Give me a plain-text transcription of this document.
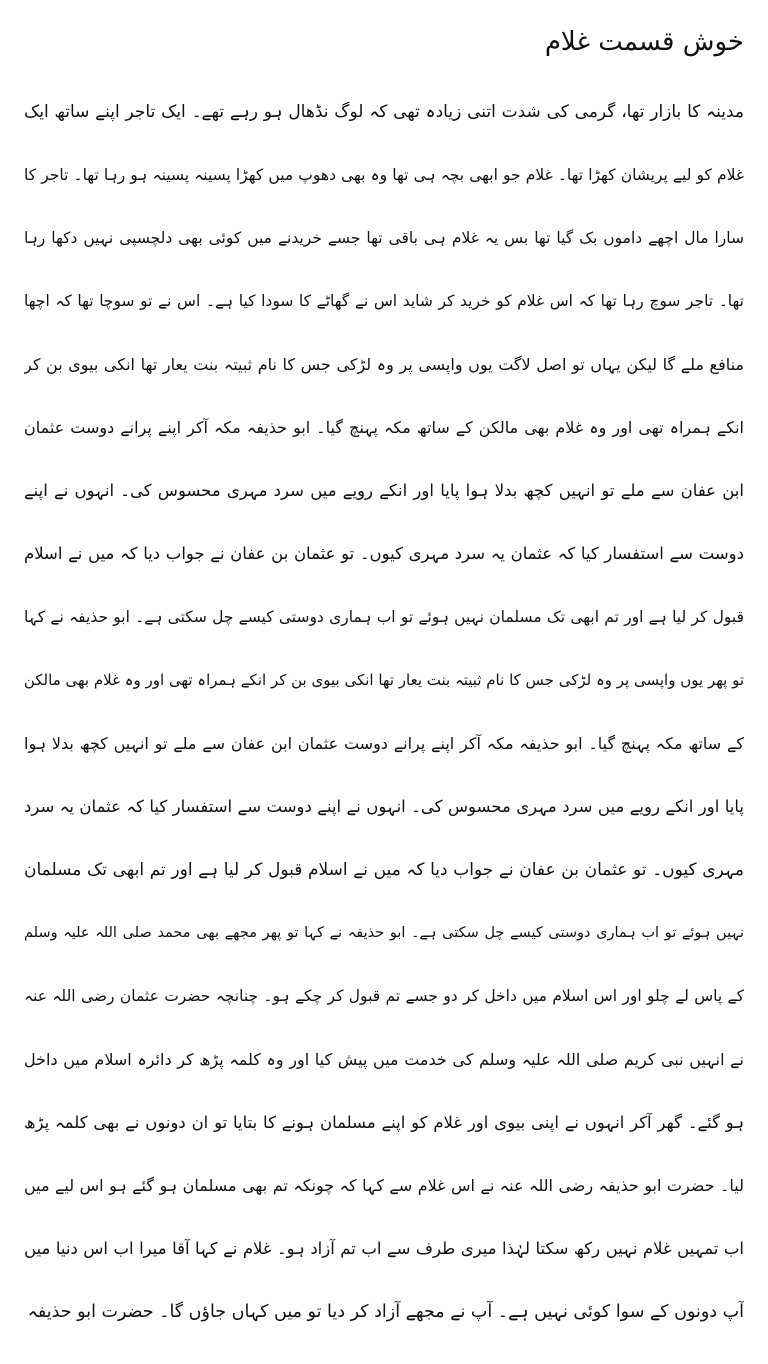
خوش قسمت غلام
مدینہ کا بازار تھا، گرمی کی شدت اتنی زیادہ تھی کہ لوگ نڈھال ہو رہے تھے۔ ایک تاجر اپنے ساتھ ایک
غلام کو لیے پریشان کھڑا تھا۔ غلام جو ابھی بچہ ہی تھا وہ بھی دھوپ میں کھڑا پسینہ پسینہ ہو رہا تھا۔ تاجر کا
سارا مال اچھے داموں بک گیا تھا بس یہ غلام ہی باقی تھا جسے خریدنے میں کوئی بھی دلچسپی نہیں دکھا رہا
تھا۔ تاجر سوچ رہا تھا کہ اس غلام کو خرید کر شاید اس نے گھاٹے کا سودا کیا ہے۔ اس نے تو سوچا تھا کہ اچھا
منافع ملے گا لیکن یہاں تو اصل لاگت یوں واپسی پر وہ لڑکی جس کا نام ثبیتہ بنت یعار تھا انکی بیوی بن کر
انکے ہمراہ تھی اور وہ غلام بھی مالکن کے ساتھ مکہ پہنچ گیا۔ ابو حذیفہ مکہ آکر اپنے پرانے دوست عثمان
ابن عفان سے ملے تو انہیں کچھ بدلا ہوا پایا اور انکے رویے میں سرد مہری محسوس کی۔ انہوں نے اپنے
دوست سے استفسار کیا کہ عثمان یہ سرد مہری کیوں۔ تو عثمان بن عفان نے جواب دیا کہ میں نے اسلام
قبول کر لیا ہے اور تم ابھی تک مسلمان نہیں ہوئے تو اب ہماری دوستی کیسے چل سکتی ہے۔ ابو حذیفہ نے کہا
تو پھر یوں واپسی پر وہ لڑکی جس کا نام ثبیتہ بنت یعار تھا انکی بیوی بن کر انکے ہمراہ تھی اور وہ غلام بھی مالکن
کے ساتھ مکہ پہنچ گیا۔ ابو حذیفہ مکہ آکر اپنے پرانے دوست عثمان ابن عفان سے ملے تو انہیں کچھ بدلا ہوا
پایا اور انکے رویے میں سرد مہری محسوس کی۔ انہوں نے اپنے دوست سے استفسار کیا کہ عثمان یہ سرد
مہری کیوں۔ تو عثمان بن عفان نے جواب دیا کہ میں نے اسلام قبول کر لیا ہے اور تم ابھی تک مسلمان
نہیں ہوئے تو اب ہماری دوستی کیسے چل سکتی ہے۔ ابو حذیفہ نے کہا تو پھر مجھے بھی محمد صلی اللہ علیہ وسلم
کے پاس لے چلو اور اس اسلام میں داخل کر دو جسے تم قبول کر چکے ہو۔ چنانچہ حضرت عثمان رضی اللہ عنہ
نے انہیں نبی کریم صلی اللہ علیہ وسلم کی خدمت میں پیش کیا اور وہ کلمہ پڑھ کر دائرہ اسلام میں داخل
ہو گئے۔ گھر آکر انہوں نے اپنی بیوی اور غلام کو اپنے مسلمان ہونے کا بتایا تو ان دونوں نے بھی کلمہ پڑھ
لیا۔ حضرت ابو حذیفہ رضی اللہ عنہ نے اس غلام سے کہا کہ چونکہ تم بھی مسلمان ہو گئے ہو اس لیے میں
اب تمہیں غلام نہیں رکھ سکتا لہٰذا میری طرف سے اب تم آزاد ہو۔ غلام نے کہا آقا میرا اب اس دنیا میں
آپ دونوں کے سوا کوئی نہیں ہے۔ آپ نے مجھے آزاد کر دیا تو میں کہاں جاؤں گا۔ حضرت ابو حذیفہ
